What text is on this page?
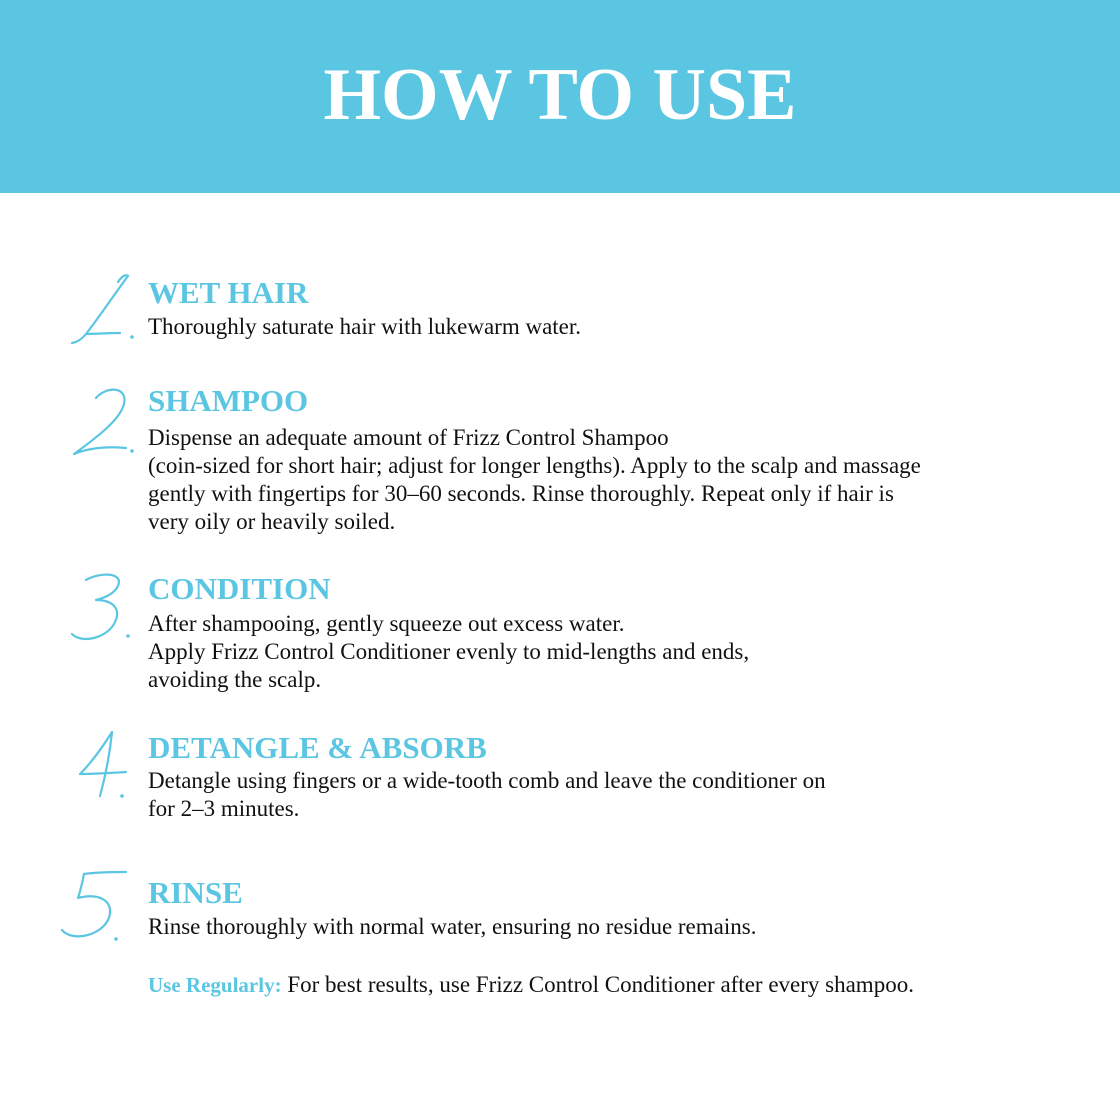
HOW TO USE
WET HAIR
Thoroughly saturate hair with lukewarm water.
SHAMPOO
Dispense an adequate amount of Frizz Control Shampoo
(coin-sized for short hair; adjust for longer lengths). Apply to the scalp and massage
gently with fingertips for 30–60 seconds. Rinse thoroughly. Repeat only if hair is
very oily or heavily soiled.
CONDITION
After shampooing, gently squeeze out excess water.
Apply Frizz Control Conditioner evenly to mid-lengths and ends,
avoiding the scalp.
DETANGLE & ABSORB
Detangle using fingers or a wide-tooth comb and leave the conditioner on
for 2–3 minutes.
RINSE
Rinse thoroughly with normal water, ensuring no residue remains.
Use Regularly: For best results, use Frizz Control Conditioner after every shampoo.
